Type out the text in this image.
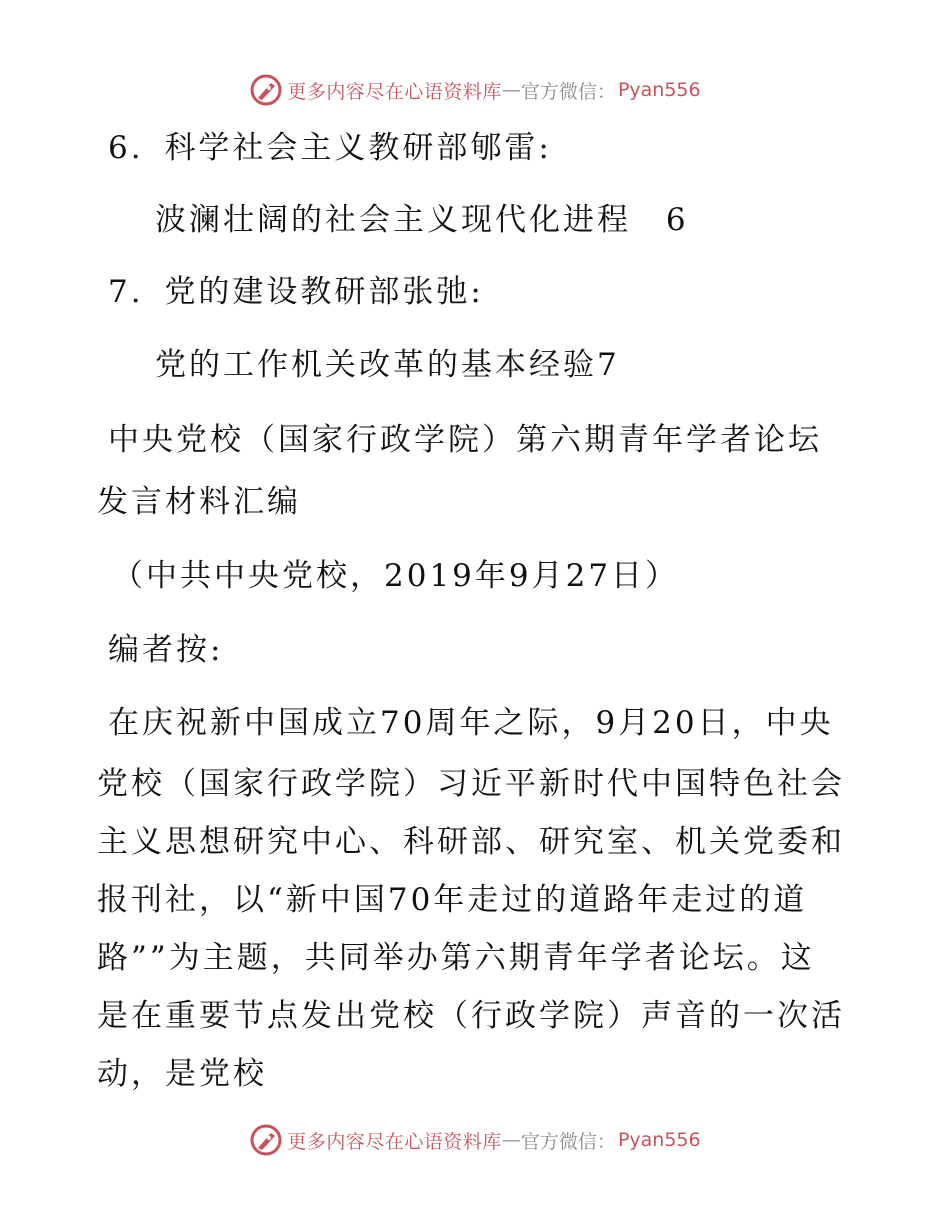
更多内容尽在心语资料库 — 官方微信： Pyan556
6. 科学社会主义教研部郇雷:
波澜壮阔的社会主义现代化进程 6
7. 党的建设教研部张弛:
党的工作机关改革的基本经验7
中央党校（国家行政学院）第六期青年学者论坛
发言材料汇编
（中共中央党校，2019年9月27日）
编者按:
在庆祝新中国成立70周年之际，9月20日，中央
党校（国家行政学院）习近平新时代中国特色社会
主义思想研究中心、科研部、研究室、机关党委和
报刊社，以“新中国70年走过的道路年走过的道
路””为主题，共同举办第六期青年学者论坛。这
是在重要节点发出党校（行政学院）声音的一次活
动，是党校
更多内容尽在心语资料库 — 官方微信： Pyan556
